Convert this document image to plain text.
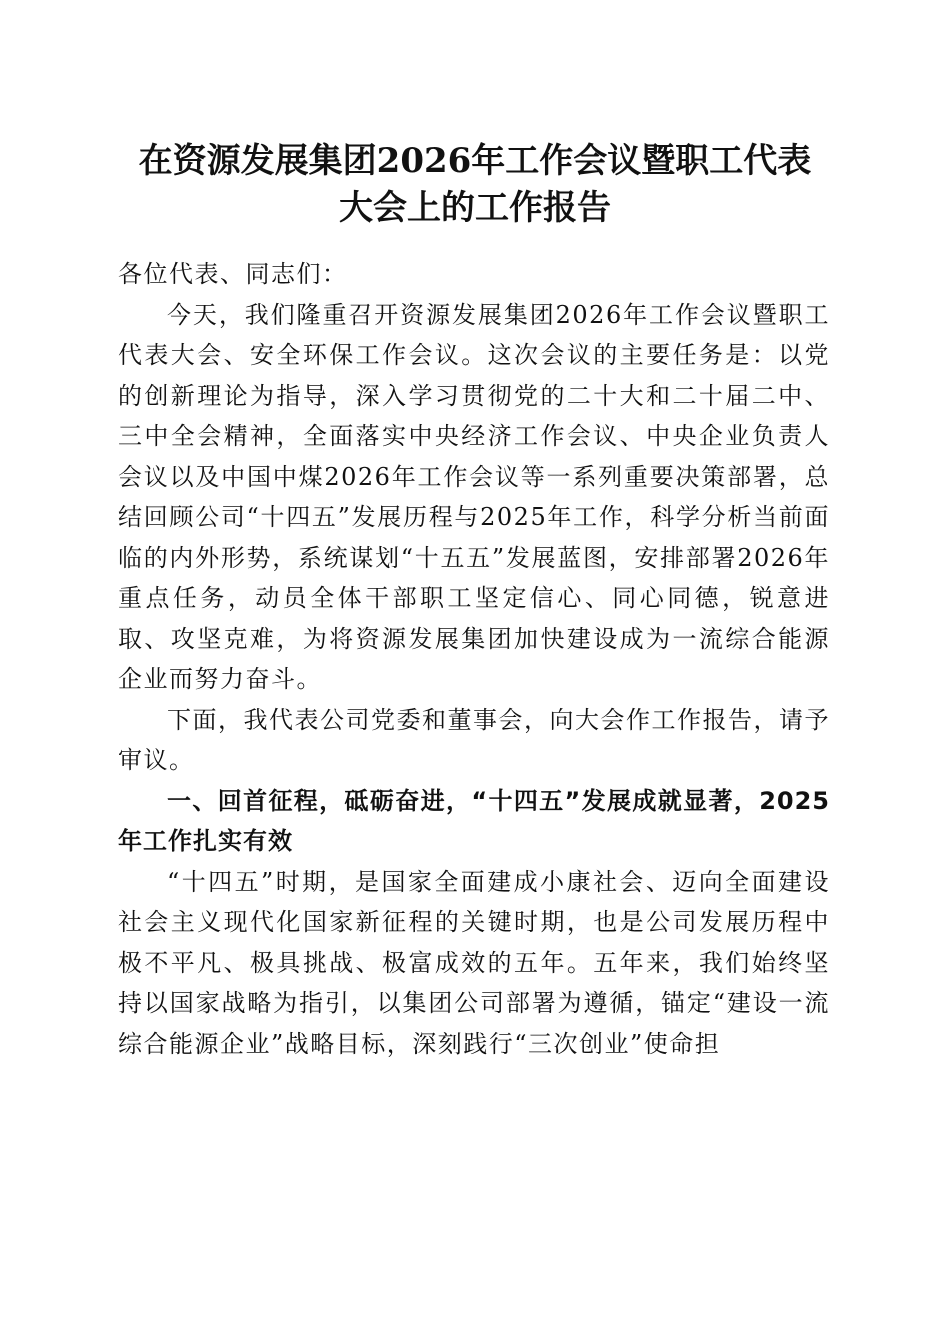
在资源发展集团2026年工作会议暨职工代表
大会上的工作报告

各位代表、同志们：

今天，我们隆重召开资源发展集团2026年工作会议暨职工代表大会、安全环保工作会议。这次会议的主要任务是：以党的创新理论为指导，深入学习贯彻党的二十大和二十届二中、三中全会精神，全面落实中央经济工作会议、中央企业负责人会议以及中国中煤2026年工作会议等一系列重要决策部署，总结回顾公司“十四五”发展历程与2025年工作，科学分析当前面临的内外形势，系统谋划“十五五”发展蓝图，安排部署2026年重点任务，动员全体干部职工坚定信心、同心同德，锐意进取、攻坚克难，为将资源发展集团加快建设成为一流综合能源企业而努力奋斗。

下面，我代表公司党委和董事会，向大会作工作报告，请予审议。

一、回首征程，砥砺奋进，“十四五”发展成就显著，2025年工作扎实有效

“十四五”时期，是国家全面建成小康社会、迈向全面建设社会主义现代化国家新征程的关键时期，也是公司发展历程中极不平凡、极具挑战、极富成效的五年。五年来，我们始终坚持以国家战略为指引，以集团公司部署为遵循，锚定“建设一流综合能源企业”战略目标，深刻践行“三次创业”使命担
